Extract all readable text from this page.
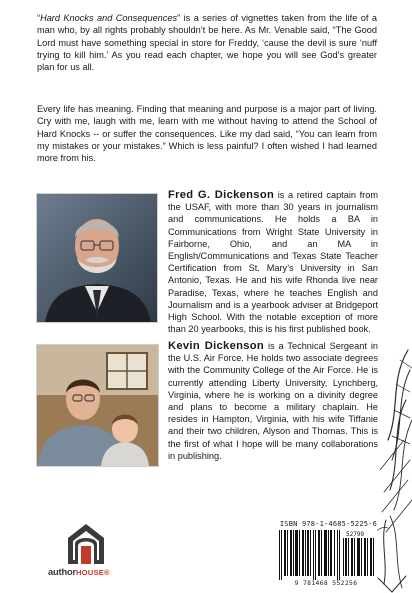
“Hard Knocks and Consequences” is a series of vignettes taken from the life of a man who, by all rights probably shouldn’t be here. As Mr. Venable said, “The Good Lord must have something special in store for Freddy, ‘cause the devil is sure ‘nuff trying to kill him.’ As you read each chapter, we hope you will see God’s greater plan for us all.

Every life has meaning. Finding that meaning and purpose is a major part of living. Cry with me, laugh with me, learn with me without having to attend the School of Hard Knocks -- or suffer the consequences. Like my dad said, “You can learn from my mistakes or your mistakes.” Which is less painful? I often wished I had learned more from his.

Fred G. Dickenson is a retired captain from the USAF, with more than 30 years in journalism and communications. He holds a BA in Communications from Wright State University in Fairborne, Ohio, and an MA in English/Communications and Texas State Teacher Certification from St. Mary’s University in San Antonio, Texas. He and his wife Rhonda live near Paradise, Texas, where he teaches English and Journalism and is a yearbook adviser at Bridgeport High School. With the notable exception of more than 20 yearbooks, this is his first published book.

Kevin Dickenson is a Technical Sergeant in the U.S. Air Force. He holds two associate degrees with the Community College of the Air Force. He is currently attending Liberty University, Lynchberg, Virginia, where he is working on a divinity degree and plans to become a military chaplain. He resides in Hampton, Virginia, with his wife Tiffanie and their two children, Alyson and Thomas. This is the first of what I hope will be many collaborations in publishing.

ISBN 978-1-4685-5225-6
52799
9 781468 552256
authorHOUSE®
